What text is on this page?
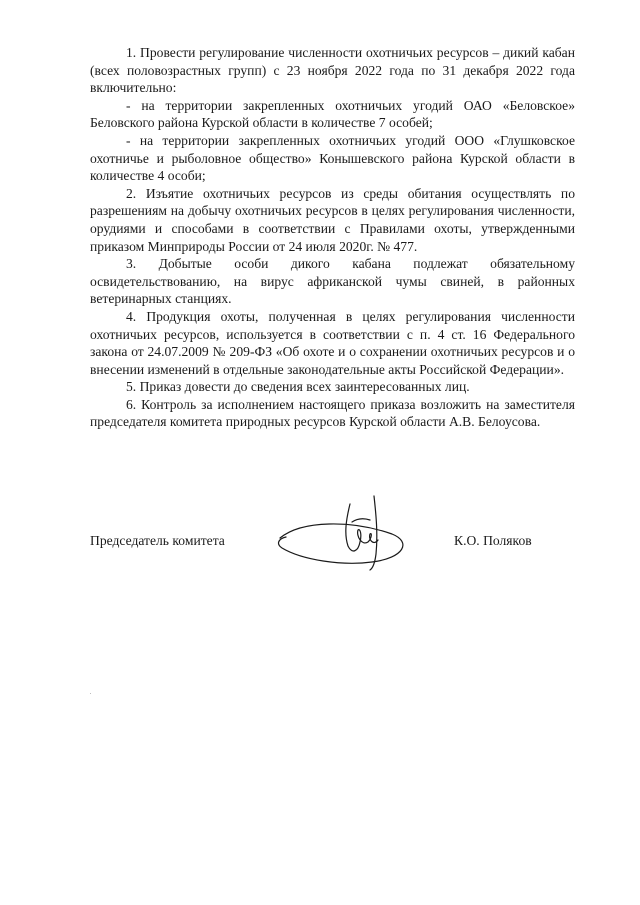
1. Провести регулирование численности охотничьих ресурсов – дикий кабан (всех половозрастных групп) с 23 ноября 2022 года по 31 декабря 2022 года включительно:

- на территории закрепленных охотничьих угодий ОАО «Беловское» Беловского района Курской области в количестве 7 особей;

- на территории закрепленных охотничьих угодий ООО «Глушковское охотничье и рыболовное общество» Конышевского района Курской области в количестве 4 особи;

2. Изъятие охотничьих ресурсов из среды обитания осуществлять по разрешениям на добычу охотничьих ресурсов в целях регулирования численности, орудиями и способами в соответствии с Правилами охоты, утвержденными приказом Минприроды России от 24 июля 2020г. № 477.

3. Добытые особи дикого кабана подлежат обязательному освидетельствованию, на вирус африканской чумы свиней, в районных ветеринарных станциях.

4. Продукция охоты, полученная в целях регулирования численности охотничьих ресурсов, используется в соответствии с п. 4 ст. 16 Федерального закона от 24.07.2009 № 209-ФЗ «Об охоте и о сохранении охотничьих ресурсов и о внесении изменений в отдельные законодательные акты Российской Федерации».

5. Приказ довести до сведения всех заинтересованных лиц.

6. Контроль за исполнением настоящего приказа возложить на заместителя председателя комитета природных ресурсов Курской области А.В. Белоусова.

Председатель комитета	К.О. Поляков
